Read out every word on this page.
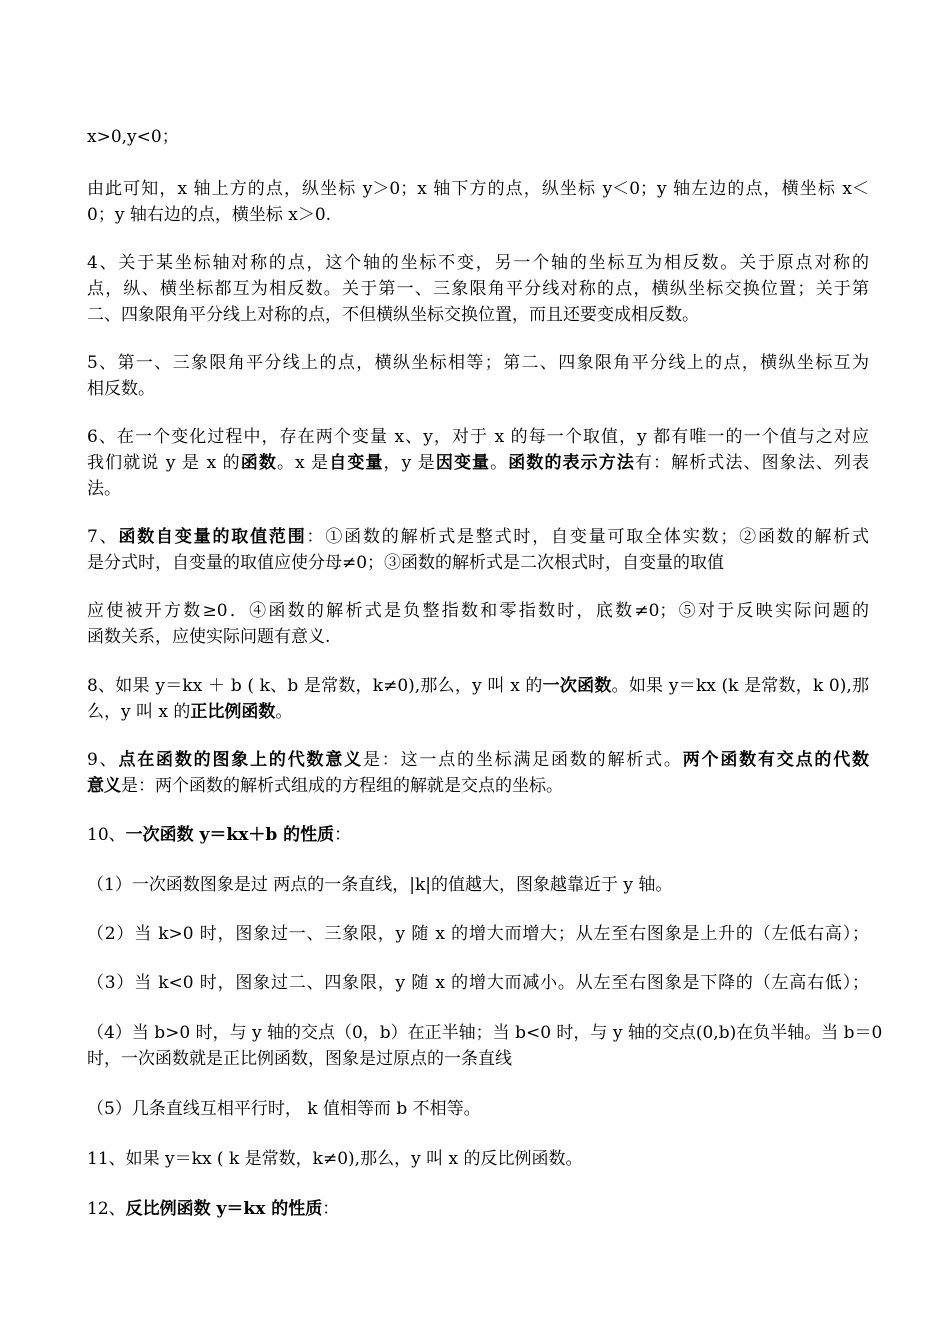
x>0,y<0；
由此可知，x 轴上方的点，纵坐标 y＞0；x 轴下方的点，纵坐标 y＜0；y 轴左边的点，横坐标 x＜
0；y 轴右边的点，横坐标 x＞0.
4、关于某坐标轴对称的点，这个轴的坐标不变，另一个轴的坐标互为相反数。关于原点对称的
点，纵、横坐标都互为相反数。关于第一、三象限角平分线对称的点，横纵坐标交换位置；关于第
二、四象限角平分线上对称的点，不但横纵坐标交换位置，而且还要变成相反数。
5、第一、三象限角平分线上的点，横纵坐标相等；第二、四象限角平分线上的点，横纵坐标互为
相反数。
6、在一个变化过程中，存在两个变量 x、y，对于 x 的每一个取值，y 都有唯一的一个值与之对应
我们就说 y 是 x 的函数。x 是自变量，y 是因变量。函数的表示方法有：解析式法、图象法、列表
法。
7、函数自变量的取值范围：①函数的解析式是整式时，自变量可取全体实数；②函数的解析式
是分式时，自变量的取值应使分母≠0；③函数的解析式是二次根式时，自变量的取值
应使被开方数≥0．④函数的解析式是负整指数和零指数时，底数≠0；⑤对于反映实际问题的
函数关系，应使实际问题有意义.
8、如果 y＝kx ＋ b ( k、b 是常数，k≠0),那么，y 叫 x 的一次函数。如果 y＝kx (k 是常数，k 0),那
么，y 叫 x 的正比例函数。
9、点在函数的图象上的代数意义是：这一点的坐标满足函数的解析式。两个函数有交点的代数
意义是：两个函数的解析式组成的方程组的解就是交点的坐标。
10、一次函数 y＝kx＋b 的性质：
（1）一次函数图象是过 两点的一条直线，|k|的值越大，图象越靠近于 y 轴。
（2）当 k>0 时，图象过一、三象限，y 随 x 的增大而增大；从左至右图象是上升的（左低右高）；
（3）当 k<0 时，图象过二、四象限，y 随 x 的增大而减小。从左至右图象是下降的（左高右低）；
（4）当 b>0 时，与 y 轴的交点（0，b）在正半轴；当 b<0 时，与 y 轴的交点(0,b)在负半轴。当 b＝0
时，一次函数就是正比例函数，图象是过原点的一条直线
（5）几条直线互相平行时， k 值相等而 b 不相等。
11、如果 y＝kx ( k 是常数，k≠0),那么，y 叫 x 的反比例函数。
12、反比例函数 y＝kx 的性质：
